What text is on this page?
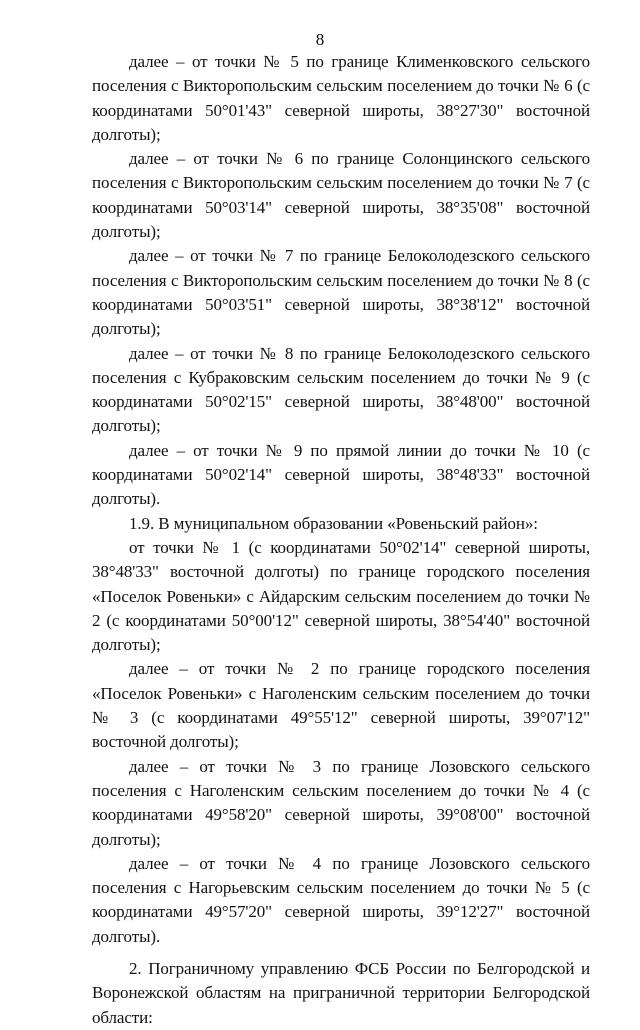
8

далее – от точки № 5 по границе Клименковского сельского поселения с Викторопольским сельским поселением до точки № 6 (с координатами 50°01'43" северной широты, 38°27'30" восточной долготы);

далее – от точки № 6 по границе Солонцинского сельского поселения с Викторопольским сельским поселением до точки № 7 (с координатами 50°03'14" северной широты, 38°35'08" восточной долготы);

далее – от точки № 7 по границе Белоколодезского сельского поселения с Викторопольским сельским поселением до точки № 8 (с координатами 50°03'51" северной широты, 38°38'12" восточной долготы);

далее – от точки № 8 по границе Белоколодезского сельского поселения с Кубраковским сельским поселением до точки № 9 (с координатами 50°02'15" северной широты, 38°48'00" восточной долготы);

далее – от точки № 9 по прямой линии до точки № 10 (с координатами 50°02'14" северной широты, 38°48'33" восточной долготы).

1.9. В муниципальном образовании «Ровеньский район»:

от точки № 1 (с координатами 50°02'14" северной широты, 38°48'33" восточной долготы) по границе городского поселения «Поселок Ровеньки» с Айдарским сельским поселением до точки № 2 (с координатами 50°00'12" северной широты, 38°54'40" восточной долготы);

далее – от точки № 2 по границе городского поселения «Поселок Ровеньки» с Наголенским сельским поселением до точки № 3 (с координатами 49°55'12" северной широты, 39°07'12" восточной долготы);

далее – от точки № 3 по границе Лозовского сельского поселения с Наголенским сельским поселением до точки № 4 (с координатами 49°58'20" северной широты, 39°08'00" восточной долготы);

далее – от точки № 4 по границе Лозовского сельского поселения с Нагорьевским сельским поселением до точки № 5 (с координатами 49°57'20" северной широты, 39°12'27" восточной долготы).

2. Пограничному управлению ФСБ России по Белгородской и Воронежской областям на приграничной территории Белгородской области:
